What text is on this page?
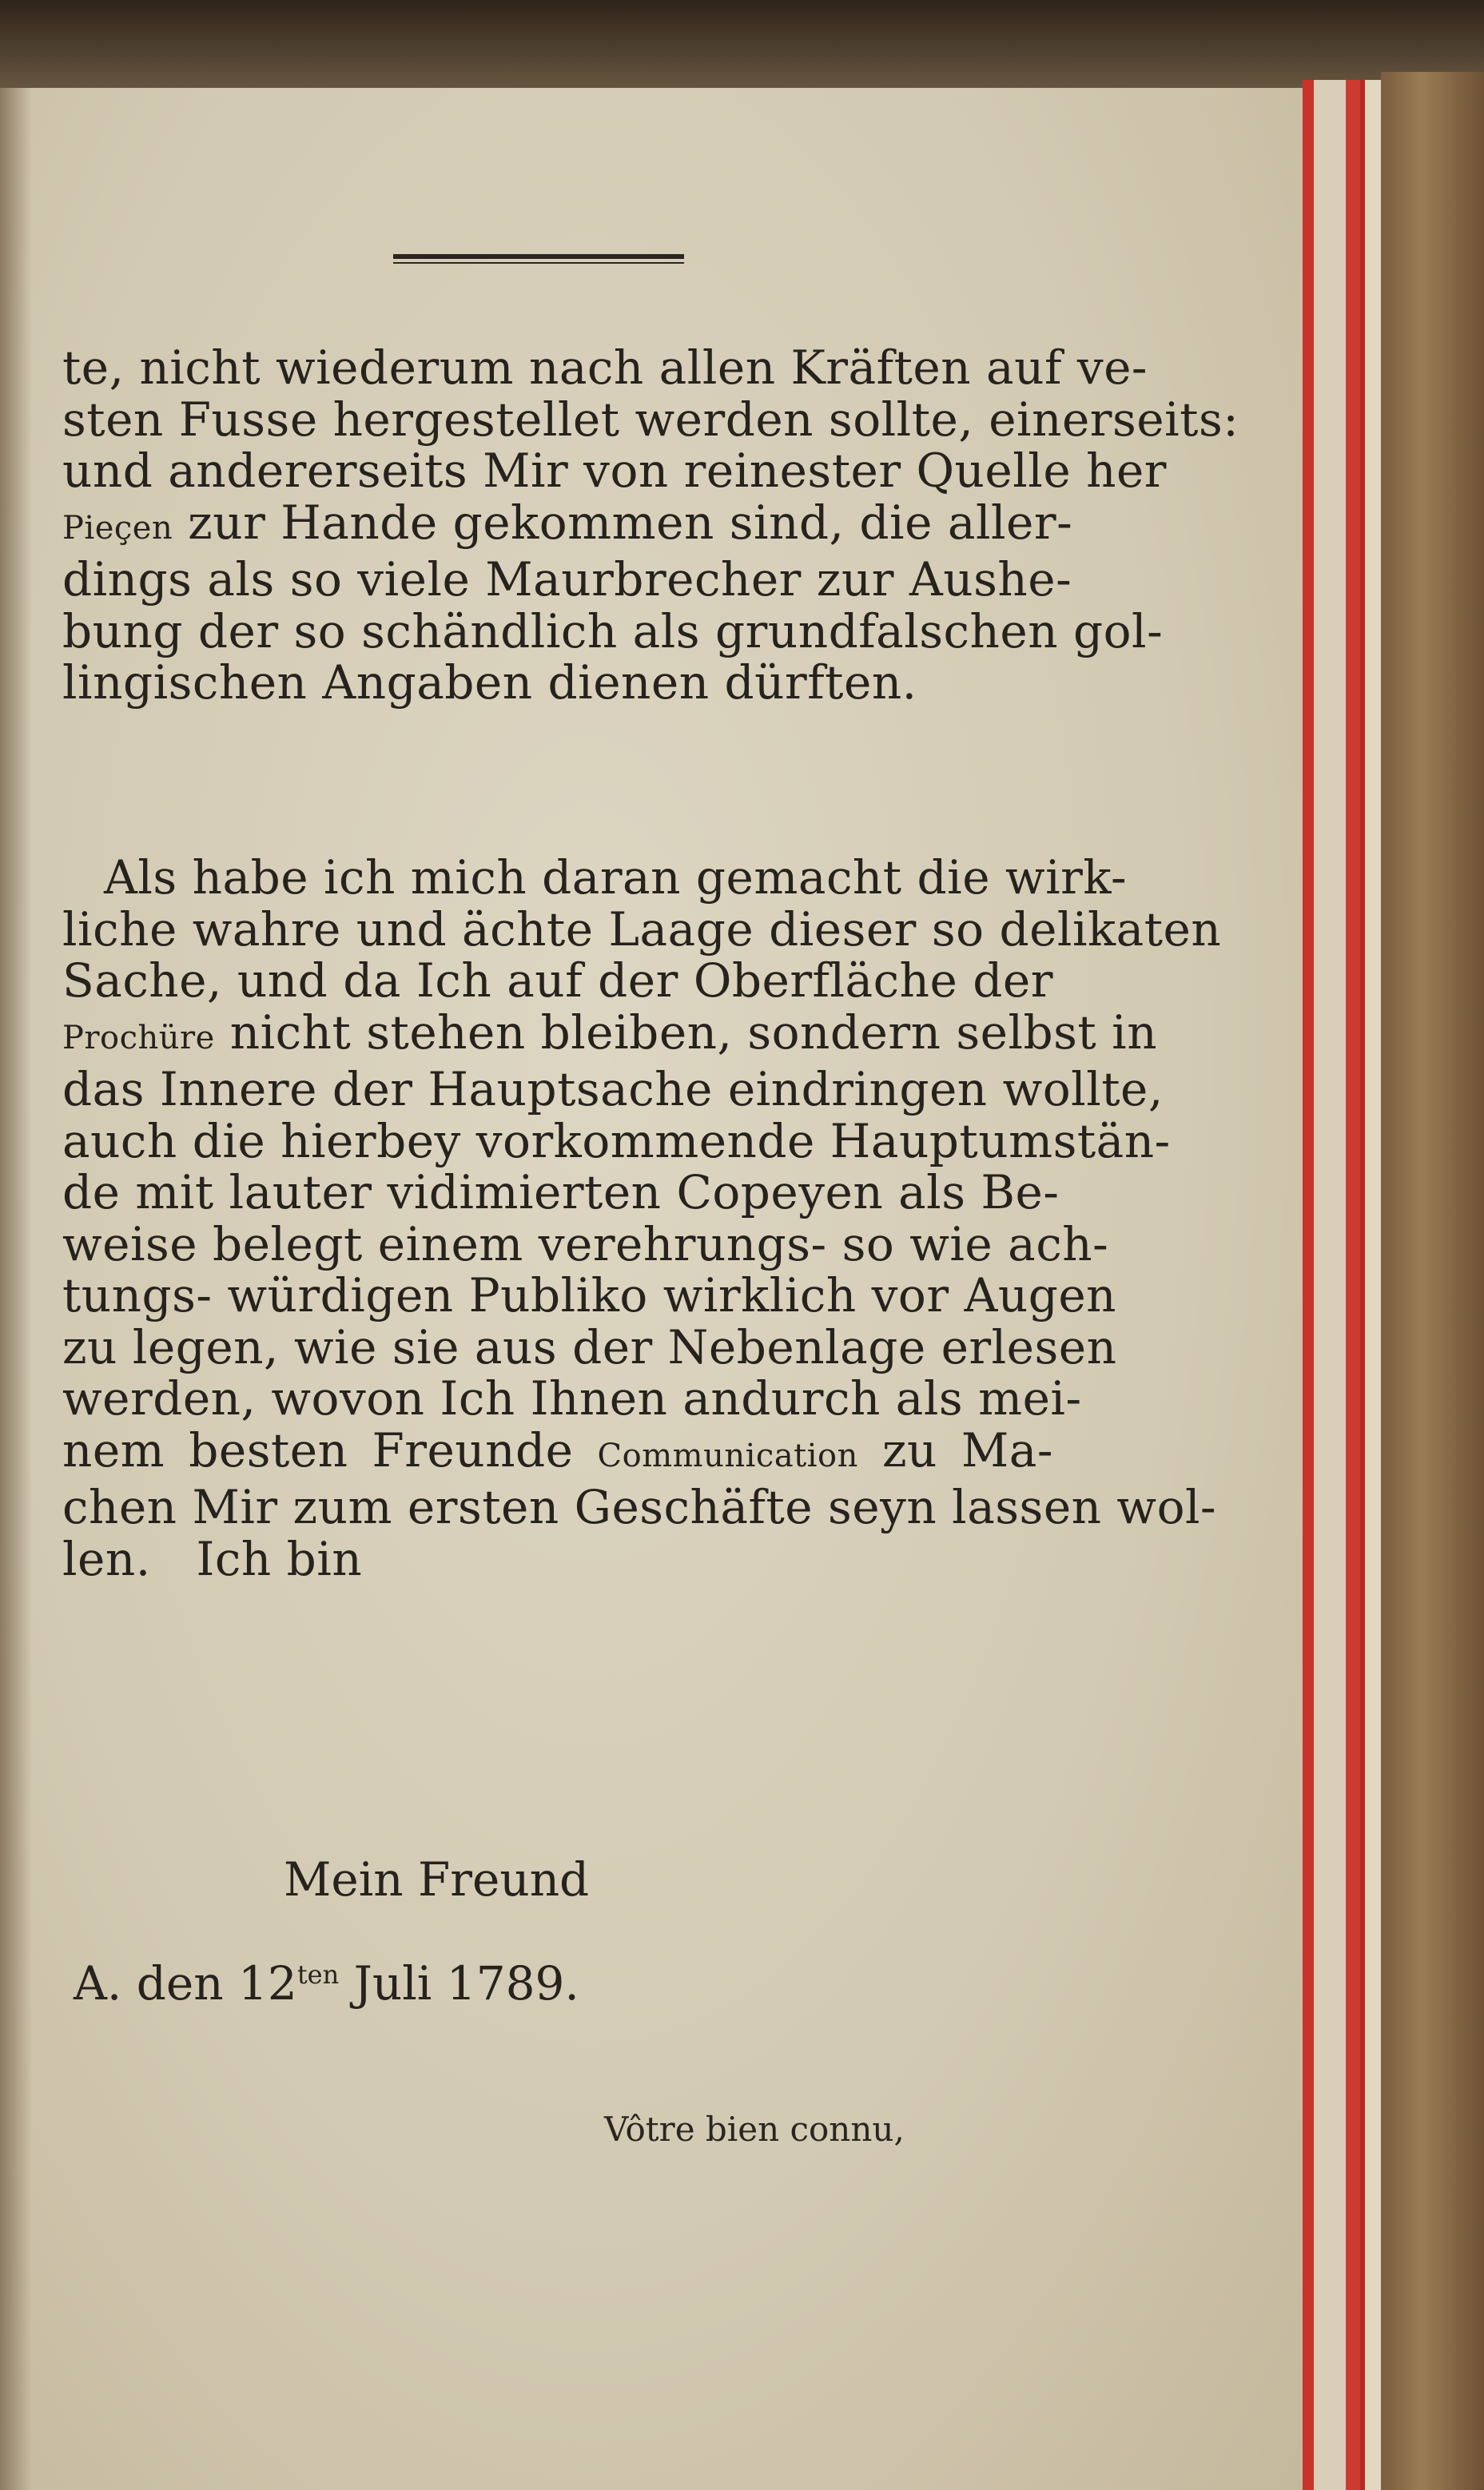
te, nicht wiederum nach allen Kräften auf ve-
sten Fusse hergestellet werden sollte, einerseits:
und andererseits Mir von reinester Quelle her
Pieçen zur Hande gekommen sind, die aller-
dings als so viele Maurbrecher zur Aushe-
bung der so schändlich als grundfalschen gol-
lingischen Angaben dienen dürften.
Als habe ich mich daran gemacht die wirk-
liche wahre und ächte Laage dieser so delikaten
Sache, und da Ich auf der Oberfläche der
Prochüre nicht stehen bleiben, sondern selbst in
das Innere der Hauptsache eindringen wollte,
auch die hierbey vorkommende Hauptumstän-
de mit lauter vidimierten Copeyen als Be-
weise belegt einem verehrungs- so wie ach-
tungs- würdigen Publiko wirklich vor Augen
zu legen, wie sie aus der Nebenlage erlesen
werden, wovon Ich Ihnen andurch als mei-
nem besten Freunde Communication zu Ma-
chen Mir zum ersten Geschäfte seyn lassen wol-
len.   Ich bin
Mein Freund
A. den $12^{ten}$ Juli 1789.
Vôtre bien connu,
